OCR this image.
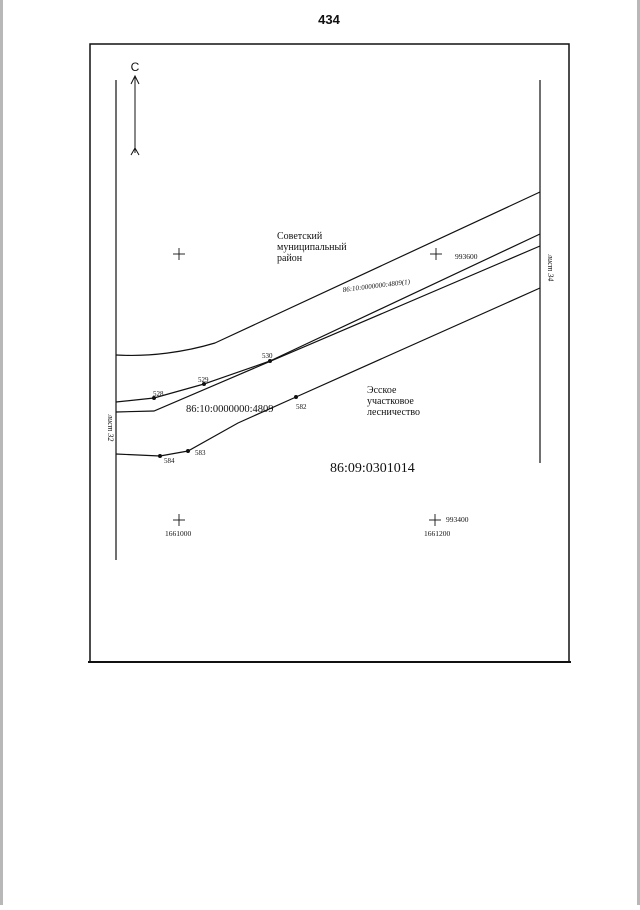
434
С
528
529
530
582
583
584
Советский
муниципальный
район
Эсское
участковое
лесничество
86:09:0301014
86:10:0000000:4809
86:10:0000000:4809(1)
лист 32
лист 34
993600
993400
1661000	1661200
